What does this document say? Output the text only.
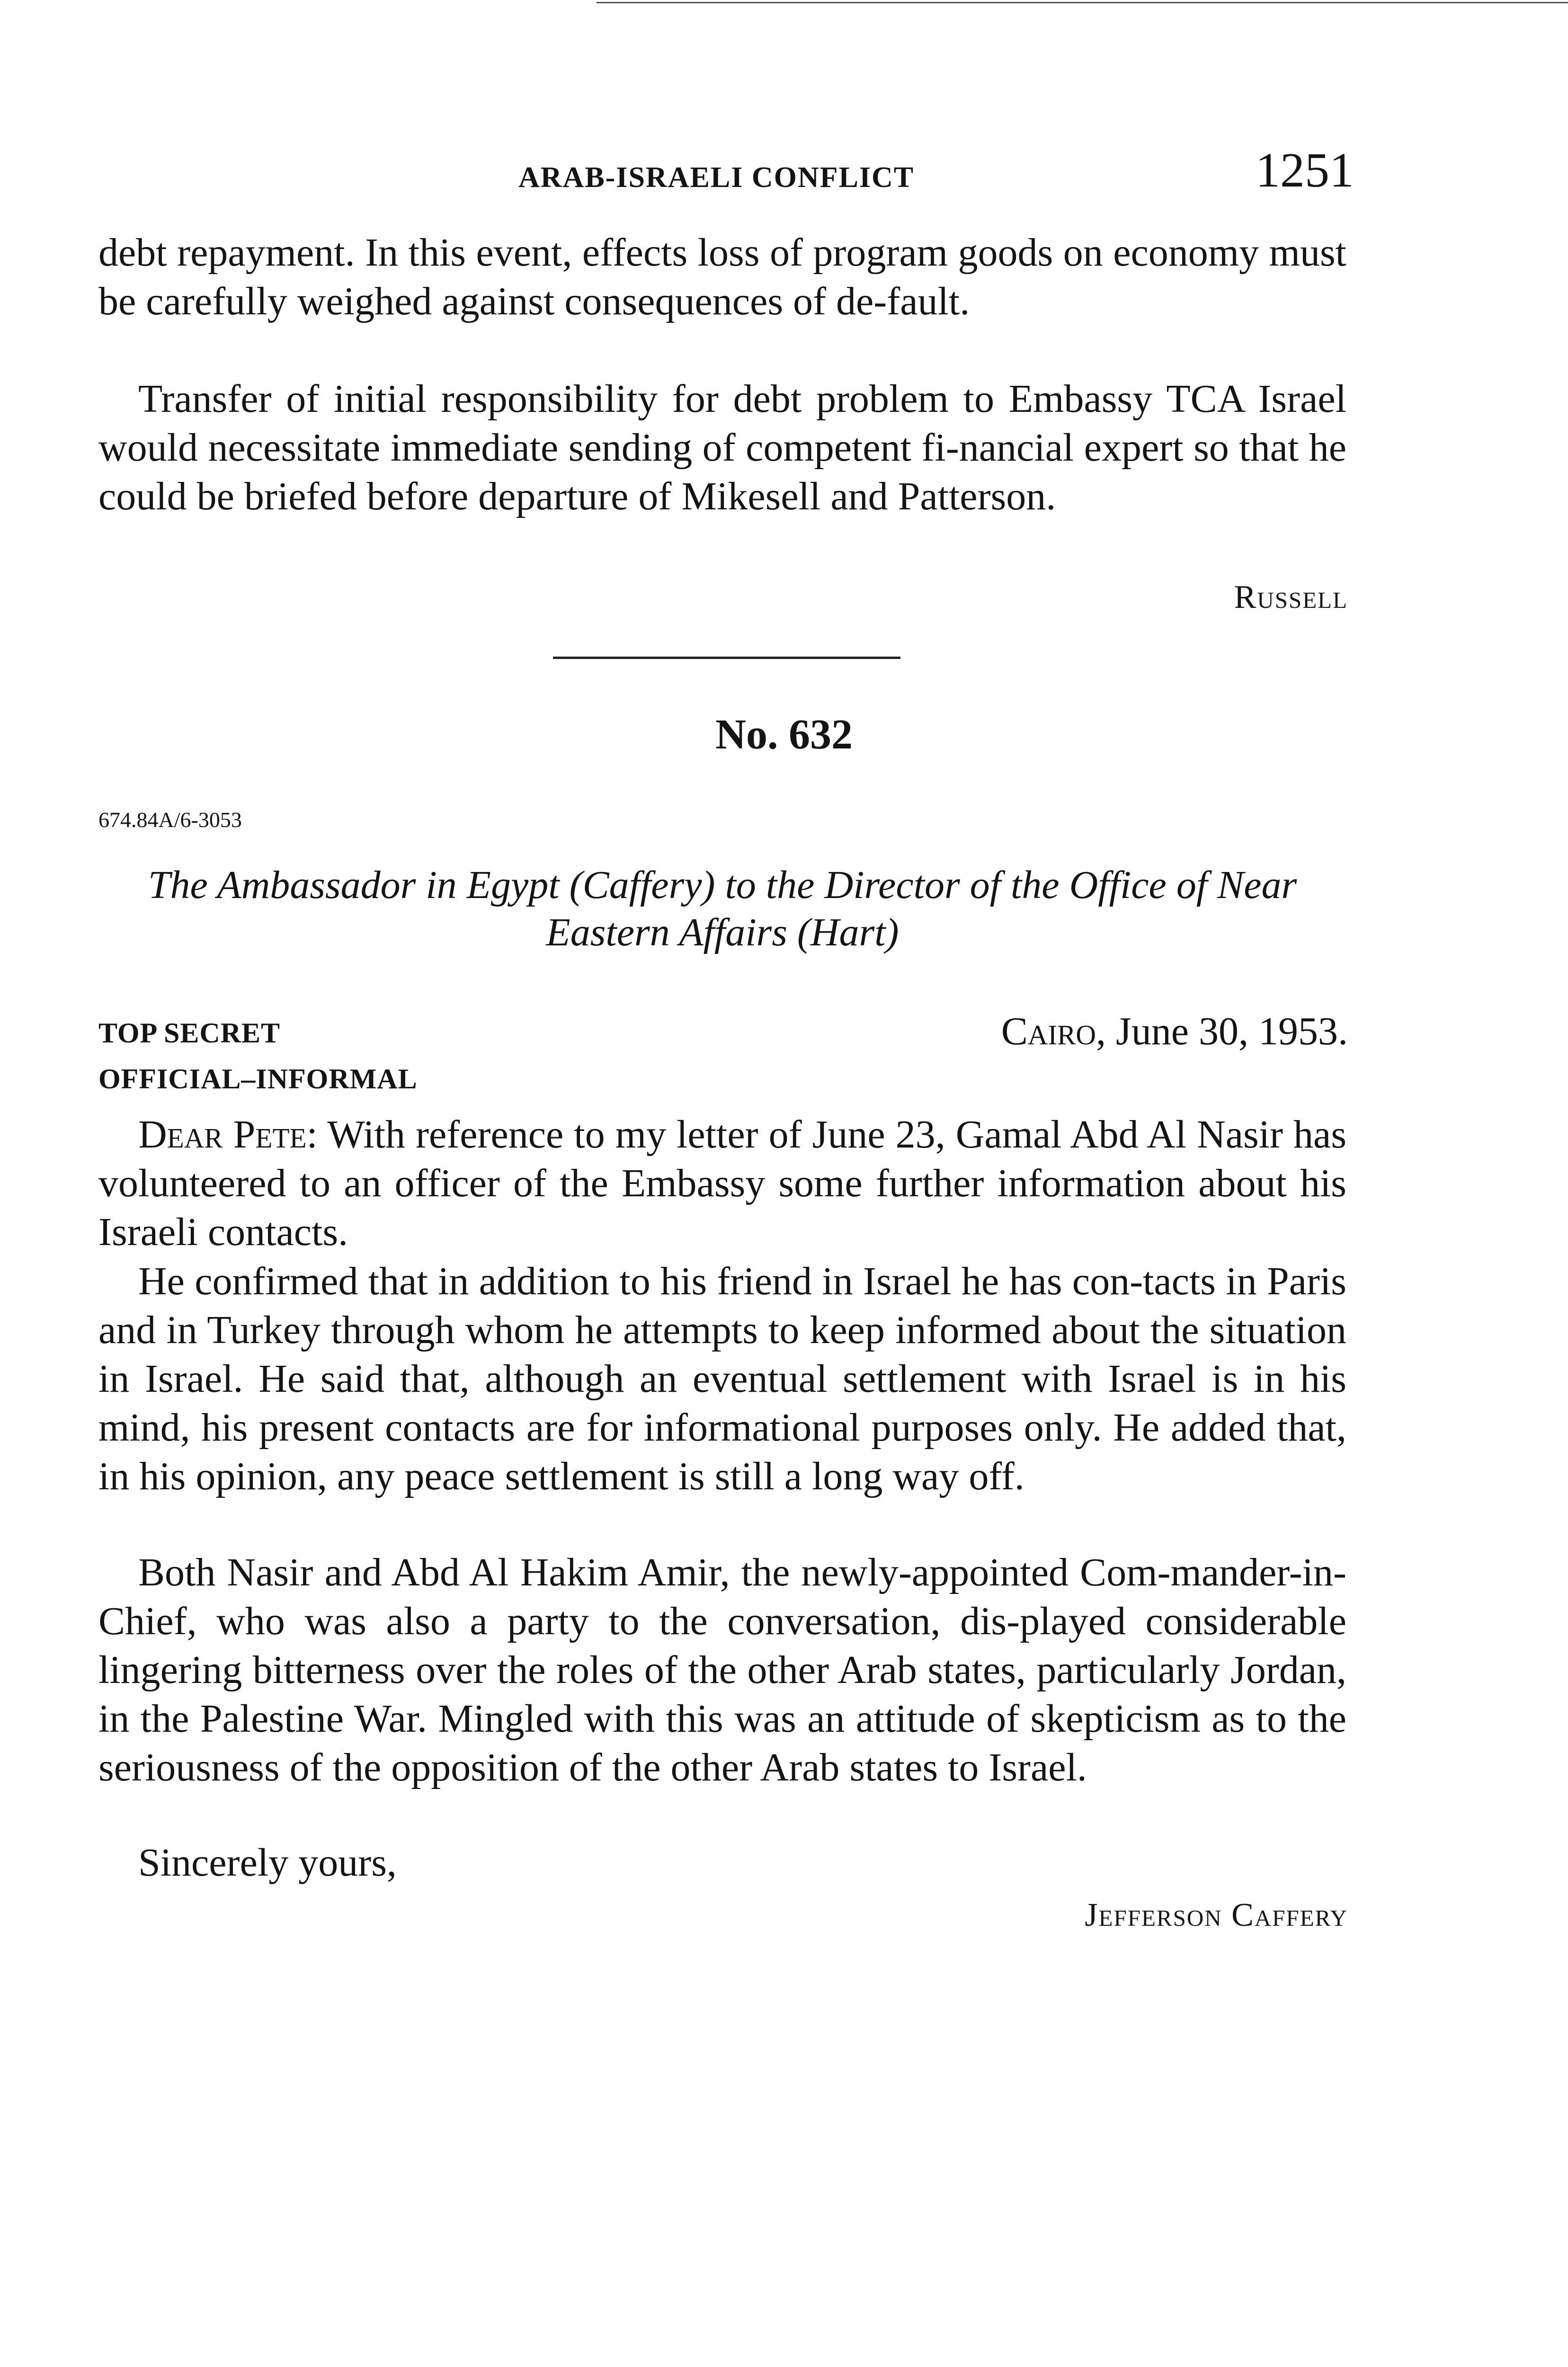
ARAB-ISRAELI CONFLICT	1251

debt repayment. In this event, effects loss of program goods on economy must be carefully weighed against consequences of de-fault.

Transfer of initial responsibility for debt problem to Embassy TCA Israel would necessitate immediate sending of competent fi-nancial expert so that he could be briefed before departure of Mikesell and Patterson.

Russell
No. 632
674.84A/6-3053

The Ambassador in Egypt (Caffery) to the Director of the Office of Near Eastern Affairs (Hart)

TOP SECRET
OFFICIAL–INFORMAL
Cairo, June 30, 1953.

Dear Pete: With reference to my letter of June 23, Gamal Abd Al Nasir has volunteered to an officer of the Embassy some further information about his Israeli contacts.

He confirmed that in addition to his friend in Israel he has con-tacts in Paris and in Turkey through whom he attempts to keep informed about the situation in Israel. He said that, although an eventual settlement with Israel is in his mind, his present contacts are for informational purposes only. He added that, in his opinion, any peace settlement is still a long way off.

Both Nasir and Abd Al Hakim Amir, the newly-appointed Com-mander-in-Chief, who was also a party to the conversation, dis-played considerable lingering bitterness over the roles of the other Arab states, particularly Jordan, in the Palestine War. Mingled with this was an attitude of skepticism as to the seriousness of the opposition of the other Arab states to Israel.

Sincerely yours,

Jefferson Caffery
